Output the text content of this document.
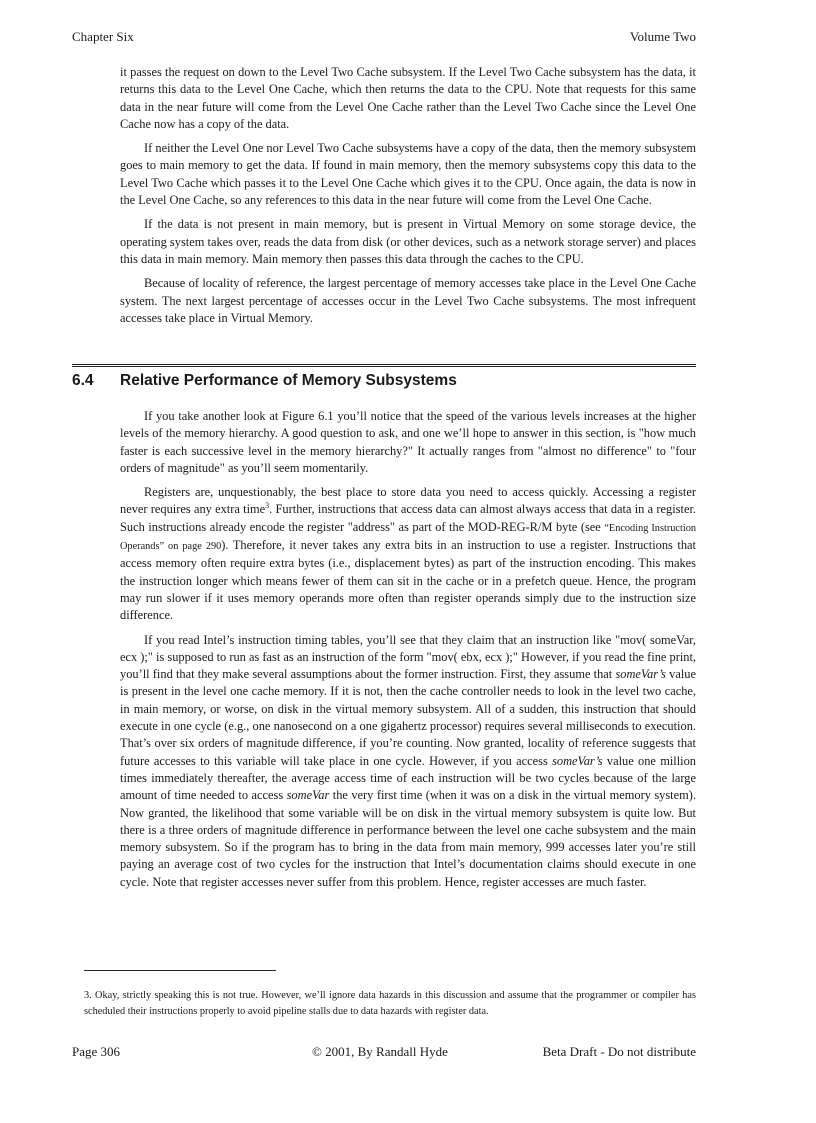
Chapter Six	Volume Two

it passes the request on down to the Level Two Cache subsystem. If the Level Two Cache subsystem has the data, it returns this data to the Level One Cache, which then returns the data to the CPU. Note that requests for this same data in the near future will come from the Level One Cache rather than the Level Two Cache since the Level One Cache now has a copy of the data.

If neither the Level One nor Level Two Cache subsystems have a copy of the data, then the memory subsystem goes to main memory to get the data. If found in main memory, then the memory subsystems copy this data to the Level Two Cache which passes it to the Level One Cache which gives it to the CPU. Once again, the data is now in the Level One Cache, so any references to this data in the near future will come from the Level One Cache.

If the data is not present in main memory, but is present in Virtual Memory on some storage device, the operating system takes over, reads the data from disk (or other devices, such as a network storage server) and places this data in main memory. Main memory then passes this data through the caches to the CPU.

Because of locality of reference, the largest percentage of memory accesses take place in the Level One Cache system. The next largest percentage of accesses occur in the Level Two Cache subsystems. The most infrequent accesses take place in Virtual Memory.

6.4 Relative Performance of Memory Subsystems

If you take another look at Figure 6.1 you’ll notice that the speed of the various levels increases at the higher levels of the memory hierarchy. A good question to ask, and one we’ll hope to answer in this section, is "how much faster is each successive level in the memory hierarchy?" It actually ranges from "almost no difference" to "four orders of magnitude" as you’ll seem momentarily.

Registers are, unquestionably, the best place to store data you need to access quickly. Accessing a register never requires any extra time$^3$. Further, instructions that access data can almost always access that data in a register. Such instructions already encode the register "address" as part of the MOD-REG-R/M byte (see “Encoding Instruction Operands” on page 290). Therefore, it never takes any extra bits in an instruction to use a register. Instructions that access memory often require extra bytes (i.e., displacement bytes) as part of the instruction encoding. This makes the instruction longer which means fewer of them can sit in the cache or in a prefetch queue. Hence, the program may run slower if it uses memory operands more often than register operands simply due to the instruction size difference.

If you read Intel’s instruction timing tables, you’ll see that they claim that an instruction like "mov( someVar, ecx );" is supposed to run as fast as an instruction of the form "mov( ebx, ecx );" However, if you read the fine print, you’ll find that they make several assumptions about the former instruction. First, they assume that someVar’s value is present in the level one cache memory. If it is not, then the cache controller needs to look in the level two cache, in main memory, or worse, on disk in the virtual memory subsystem. All of a sudden, this instruction that should execute in one cycle (e.g., one nanosecond on a one gigahertz processor) requires several milliseconds to execution. That’s over six orders of magnitude difference, if you’re counting. Now granted, locality of reference suggests that future accesses to this variable will take place in one cycle. However, if you access someVar’s value one million times immediately thereafter, the average access time of each instruction will be two cycles because of the large amount of time needed to access someVar the very first time (when it was on a disk in the virtual memory system). Now granted, the likelihood that some variable will be on disk in the virtual memory subsystem is quite low. But there is a three orders of magnitude difference in performance between the level one cache subsystem and the main memory subsystem. So if the program has to bring in the data from main memory, 999 accesses later you’re still paying an average cost of two cycles for the instruction that Intel’s documentation claims should execute in one cycle. Note that register accesses never suffer from this problem. Hence, register accesses are much faster.

3. Okay, strictly speaking this is not true. However, we’ll ignore data hazards in this discussion and assume that the programmer or compiler has scheduled their instructions properly to avoid pipeline stalls due to data hazards with register data.
Page 306	© 2001, By Randall Hyde	Beta Draft - Do not distribute
